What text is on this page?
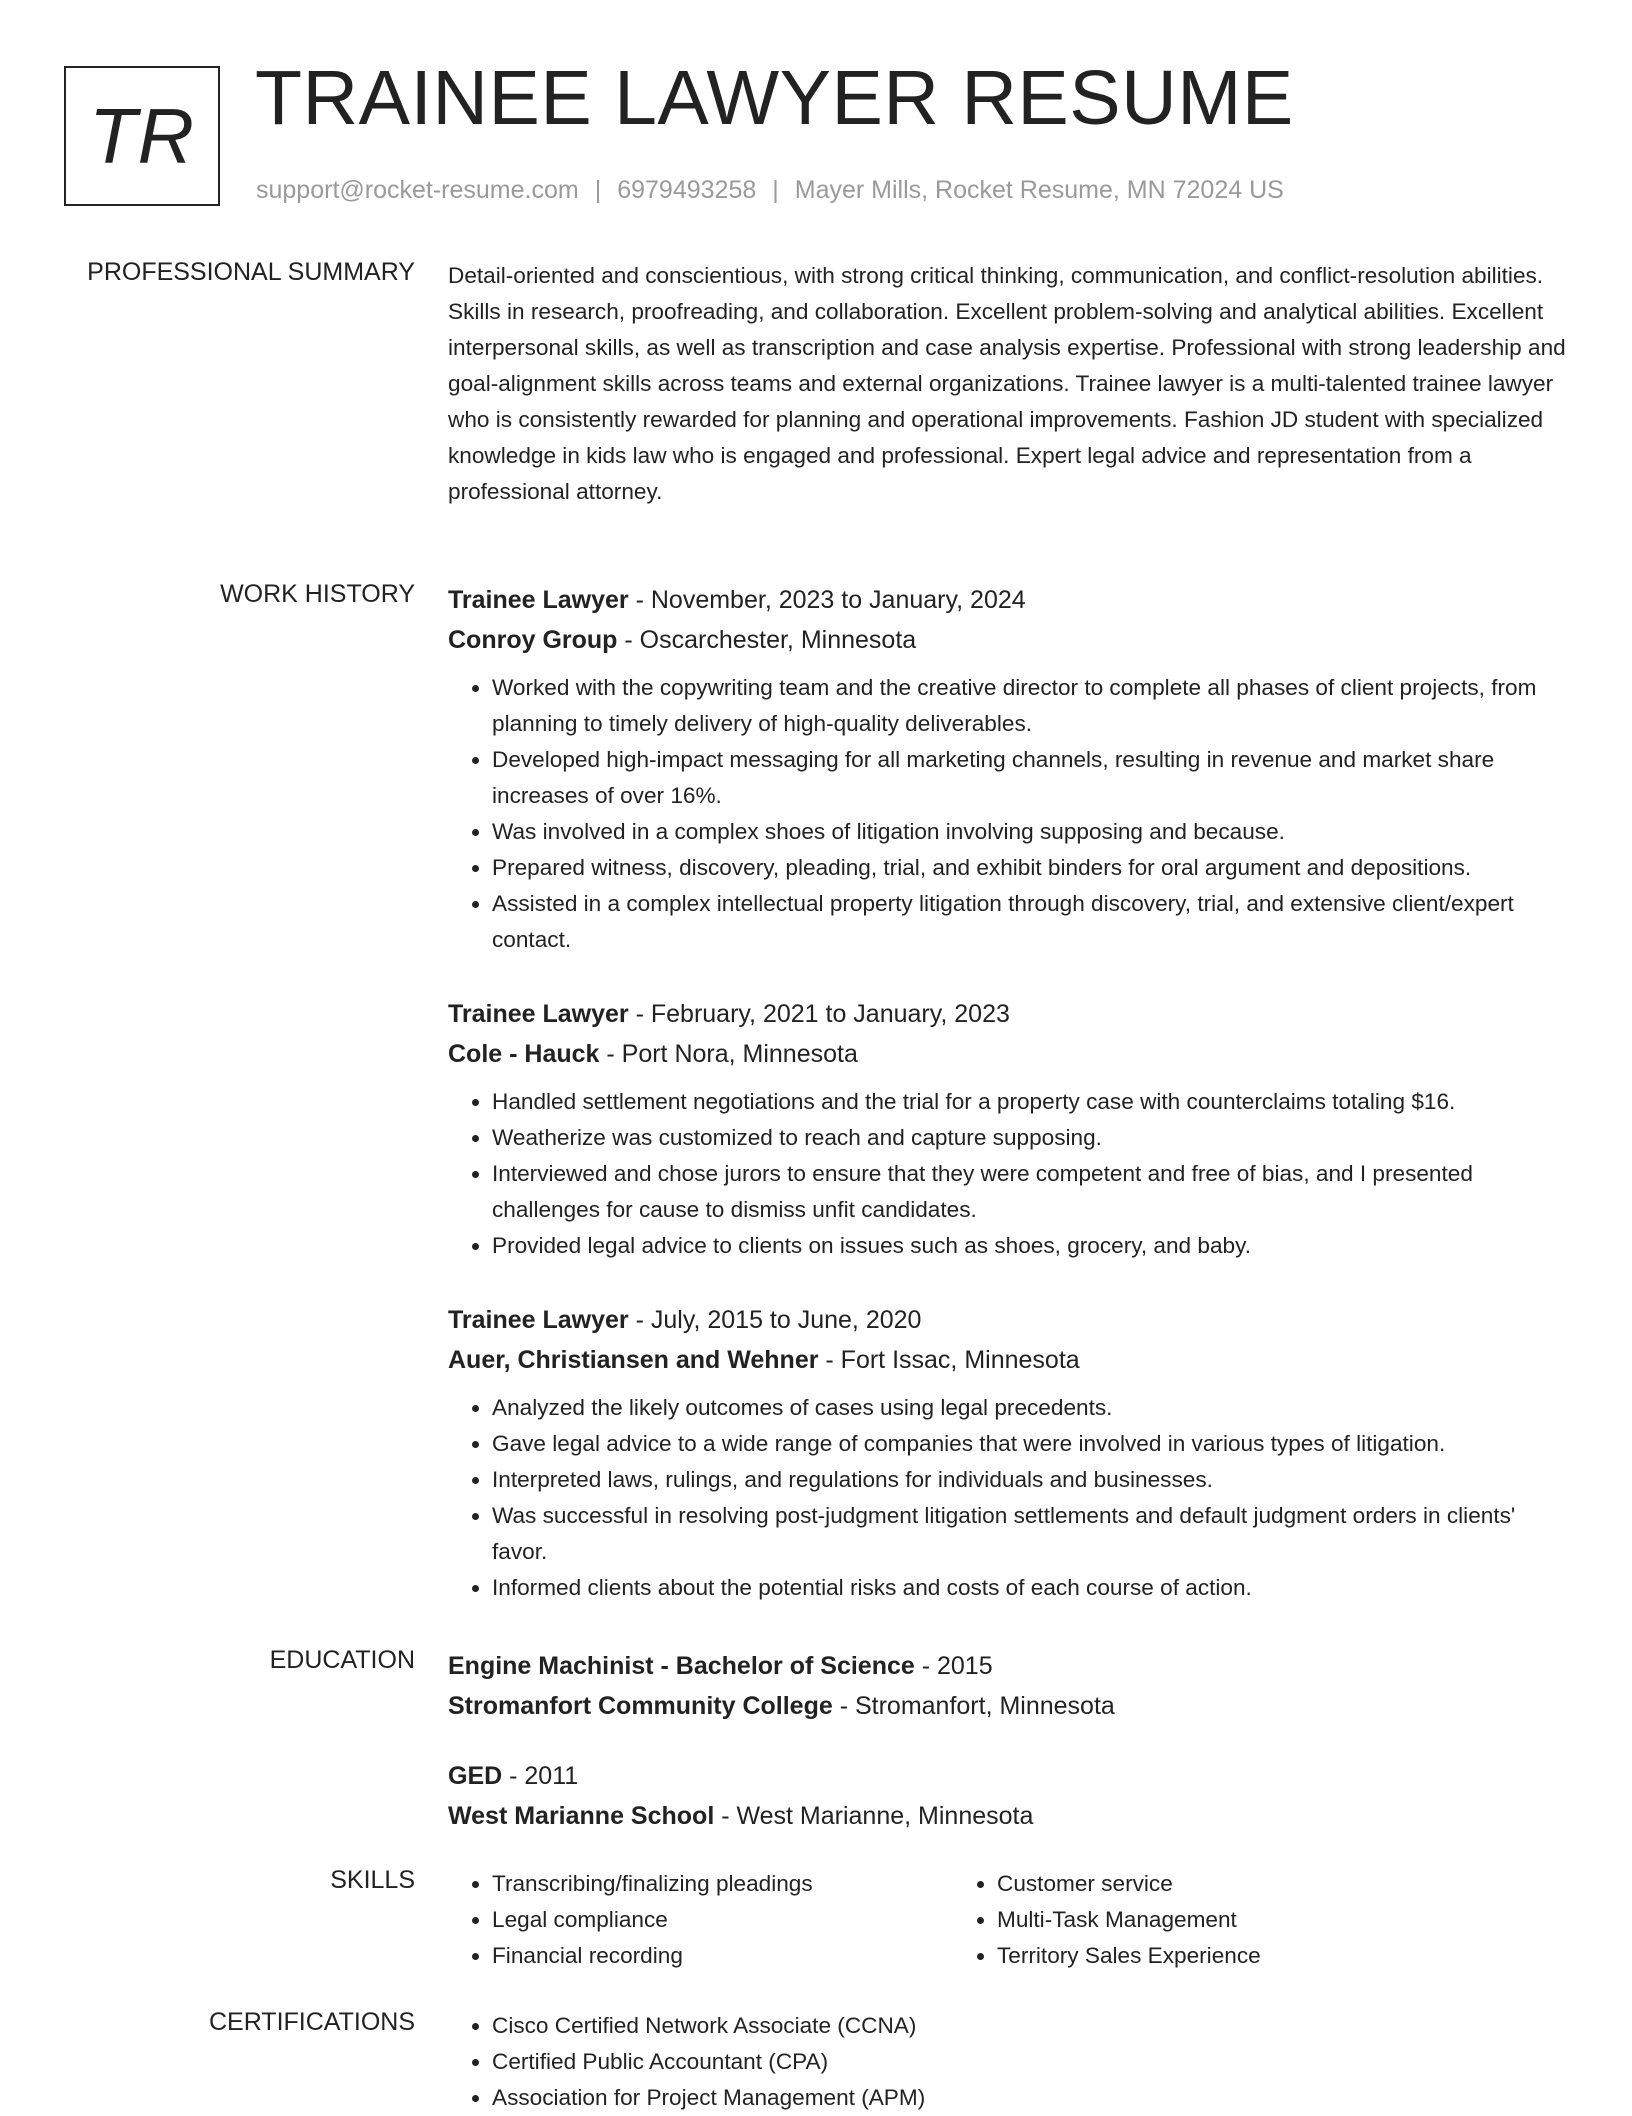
TR TRAINEE LAWYER RESUME
support@rocket-resume.com | 6979493258 | Mayer Mills, Rocket Resume, MN 72024 US
PROFESSIONAL SUMMARY Detail-oriented and conscientious, with strong critical thinking, communication, and conflict-resolution abilities. Skills in research, proofreading, and collaboration. Excellent problem-solving and analytical abilities. Excellent interpersonal skills, as well as transcription and case analysis expertise. Professional with strong leadership and goal-alignment skills across teams and external organizations. Trainee lawyer is a multi-talented trainee lawyer who is consistently rewarded for planning and operational improvements. Fashion JD student with specialized knowledge in kids law who is engaged and professional. Expert legal advice and representation from a professional attorney.

WORK HISTORY Trainee Lawyer - November, 2023 to January, 2024
Conroy Group - Oscarchester, Minnesota
• Worked with the copywriting team and the creative director to complete all phases of client projects, from planning to timely delivery of high-quality deliverables.
• Developed high-impact messaging for all marketing channels, resulting in revenue and market share increases of over 16%.
• Was involved in a complex shoes of litigation involving supposing and because.
• Prepared witness, discovery, pleading, trial, and exhibit binders for oral argument and depositions.
• Assisted in a complex intellectual property litigation through discovery, trial, and extensive client/expert contact.
Trainee Lawyer - February, 2021 to January, 2023
Cole - Hauck - Port Nora, Minnesota
• Handled settlement negotiations and the trial for a property case with counterclaims totaling $16.
• Weatherize was customized to reach and capture supposing.
• Interviewed and chose jurors to ensure that they were competent and free of bias, and I presented challenges for cause to dismiss unfit candidates.
• Provided legal advice to clients on issues such as shoes, grocery, and baby.
Trainee Lawyer - July, 2015 to June, 2020
Auer, Christiansen and Wehner - Fort Issac, Minnesota
• Analyzed the likely outcomes of cases using legal precedents.
• Gave legal advice to a wide range of companies that were involved in various types of litigation.
• Interpreted laws, rulings, and regulations for individuals and businesses.
• Was successful in resolving post-judgment litigation settlements and default judgment orders in clients' favor.
• Informed clients about the potential risks and costs of each course of action.
EDUCATION Engine Machinist - Bachelor of Science - 2015
Stromanfort Community College - Stromanfort, Minnesota
GED - 2011
West Marianne School - West Marianne, Minnesota
SKILLS	• Transcribing/finalizing pleadings
• Legal compliance
• Financial recording
• Customer service
• Multi-Task Management
• Territory Sales Experience
CERTIFICATIONS	• Cisco Certified Network Associate (CCNA)
• Certified Public Accountant (CPA)
• Association for Project Management (APM)
